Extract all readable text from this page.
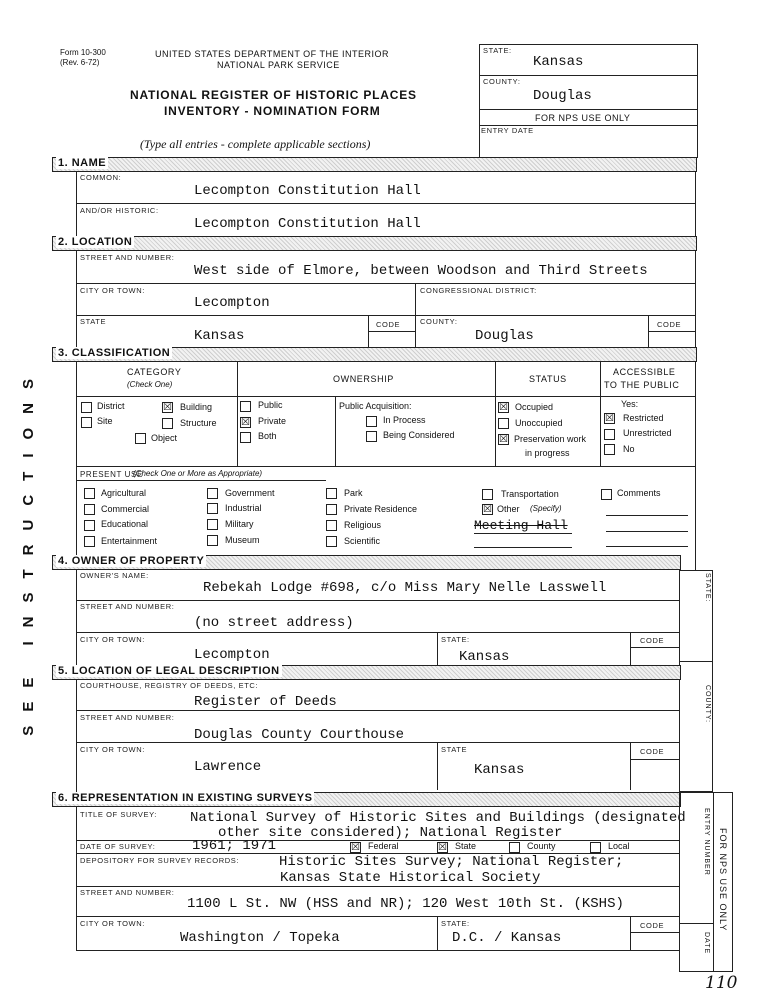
Form 10-300
(Rev. 6-72)
UNITED STATES DEPARTMENT OF THE INTERIOR
NATIONAL PARK SERVICE
NATIONAL REGISTER OF HISTORIC PLACES
INVENTORY - NOMINATION FORM
(Type all entries - complete applicable sections)
STATE:
Kansas
COUNTY:
Douglas
FOR NPS USE ONLY
ENTRY DATE
SEE INSTRUCTIONS
1. NAME
COMMON:
Lecompton Constitution Hall
AND/OR HISTORIC:
Lecompton Constitution Hall
2. LOCATION
STREET AND NUMBER:
West side of Elmore, between Woodson and Third Streets
CITY OR TOWN:
Lecompton
CONGRESSIONAL DISTRICT:
STATE
Kansas
CODE	COUNTY:
Douglas
CODE
3. CLASSIFICATION
CATEGORY
(Check One)
OWNERSHIP	STATUS
ACCESSIBLE
TO THE PUBLIC
District	☒ Building
Site	Structure
Object
Public
☒ Private
Both
Public Acquisition:
In Process
Being Considered
☒ Occupied
Unoccupied
☒ Preservation work
in progress
Yes:
☒ Restricted
Unrestricted
No
PRESENT USE
(Check One or More as Appropriate)
Agricultural
Commercial
Educational
Entertainment
Government
Industrial
Military
Museum
Park
Private Residence
Religious
Scientific
Transportation
☒ Other (Specify)
Meeting Hall
Comments
4. OWNER OF PROPERTY
OWNER'S NAME:
Rebekah Lodge #698, c/o Miss Mary Nelle Lasswell
STREET AND NUMBER:
(no street address)
CITY OR TOWN:
Lecompton
STATE:
Kansas
CODE
STATE:
COUNTY:
5. LOCATION OF LEGAL DESCRIPTION
COURTHOUSE, REGISTRY OF DEEDS, ETC:
Register of Deeds
STREET AND NUMBER:
Douglas County Courthouse
CITY OR TOWN:
Lawrence
STATE
Kansas
CODE
6. REPRESENTATION IN EXISTING SURVEYS
TITLE OF SURVEY: National Survey of Historic Sites and Buildings (designated
other site considered); National Register
DATE OF SURVEY:	1961; 1971	☒ Federal	☒ State	County	Local
DEPOSITORY FOR SURVEY RECORDS:	Historic Sites Survey; National Register;
Kansas State Historical Society
STREET AND NUMBER:
1100 L St. NW (HSS and NR); 120 West 10th St. (KSHS)
CITY OR TOWN:
Washington / Topeka
STATE:
D.C. / Kansas
CODE
ENTRY NUMBER
DATE
FOR NPS USE ONLY
110
